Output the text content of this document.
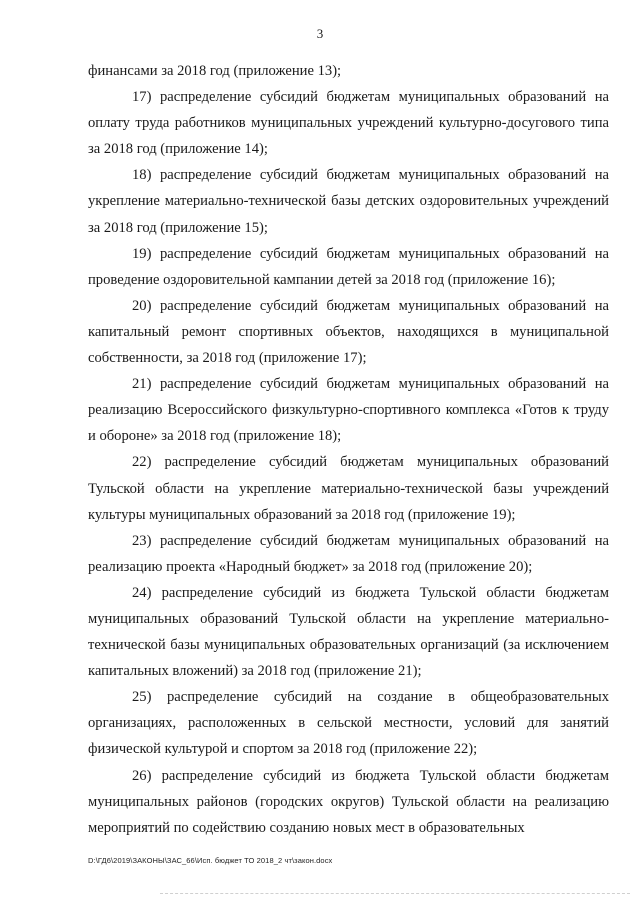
3

финансами за 2018 год (приложение 13);

17) распределение субсидий бюджетам муниципальных образований на оплату труда работников муниципальных учреждений культурно-досугового типа за 2018 год (приложение 14);

18) распределение субсидий бюджетам муниципальных образований на укрепление материально-технической базы детских оздоровительных учреждений за 2018 год (приложение 15);

19) распределение субсидий бюджетам муниципальных образований на проведение оздоровительной кампании детей за 2018 год (приложение 16);

20) распределение субсидий бюджетам муниципальных образований на капитальный ремонт спортивных объектов, находящихся в муниципальной собственности, за 2018 год (приложение 17);

21) распределение субсидий бюджетам муниципальных образований на реализацию Всероссийского физкультурно-спортивного комплекса «Готов к труду и обороне» за 2018 год (приложение 18);

22) распределение субсидий бюджетам муниципальных образований Тульской области на укрепление материально-технической базы учреждений культуры муниципальных образований за 2018 год (приложение 19);

23) распределение субсидий бюджетам муниципальных образований на реализацию проекта «Народный бюджет» за 2018 год (приложение 20);

24) распределение субсидий из бюджета Тульской области бюджетам муниципальных образований Тульской области на укрепление материально-технической базы муниципальных образовательных организаций (за исключением капитальных вложений) за 2018 год (приложение 21);

25) распределение субсидий на создание в общеобразовательных организациях, расположенных в сельской местности, условий для занятий физической культурой и спортом за 2018 год (приложение 22);

26) распределение субсидий из бюджета Тульской области бюджетам муниципальных районов (городских округов) Тульской области на реализацию мероприятий по содействию созданию новых мест в образовательных

D:\ГД6\2019\ЗАКОНЫ\ЗАС_66\Исп. бюджет ТО 2018_2 чт\закон.docx
